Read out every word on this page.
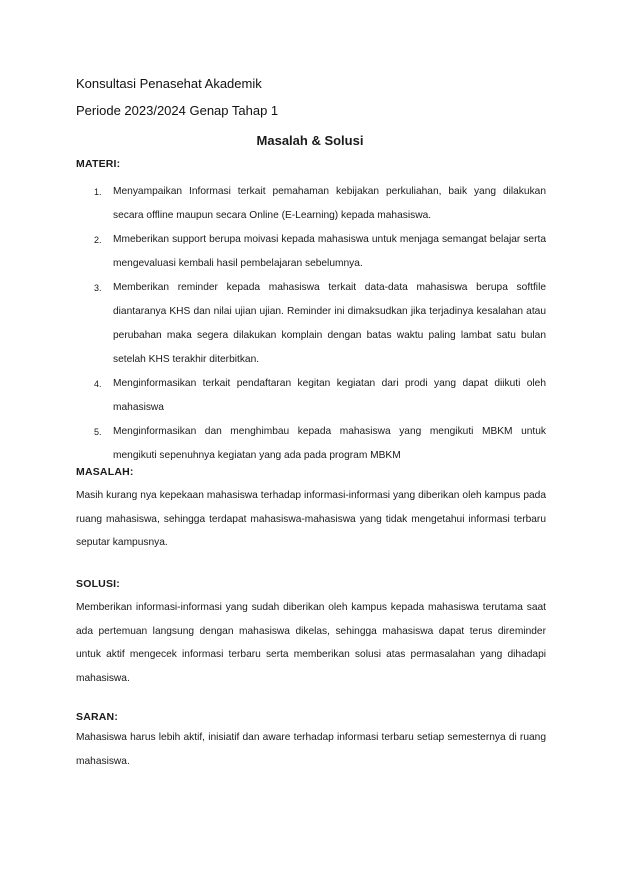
Konsultasi Penasehat Akademik
Periode 2023/2024 Genap Tahap 1
Masalah & Solusi
MATERI:
1. Menyampaikan Informasi terkait pemahaman kebijakan perkuliahan, baik yang dilakukan secara offline maupun secara Online (E-Learning) kepada mahasiswa.
2. Mmeberikan support berupa moivasi kepada mahasiswa untuk menjaga semangat belajar serta mengevaluasi kembali hasil pembelajaran sebelumnya.
3. Memberikan reminder kepada mahasiswa terkait data-data mahasiswa berupa softfile diantaranya KHS dan nilai ujian ujian. Reminder ini dimaksudkan jika terjadinya kesalahan atau perubahan maka segera dilakukan komplain dengan batas waktu paling lambat satu bulan setelah KHS terakhir diterbitkan.
4. Menginformasikan terkait pendaftaran kegitan kegiatan dari prodi yang dapat diikuti oleh mahasiswa
5. Menginformasikan dan menghimbau kepada mahasiswa yang mengikuti MBKM untuk mengikuti sepenuhnya kegiatan yang ada pada program MBKM
MASALAH:
Masih kurang nya kepekaan mahasiswa terhadap informasi-informasi yang diberikan oleh kampus pada ruang mahasiswa, sehingga terdapat mahasiswa-mahasiswa yang tidak mengetahui informasi terbaru seputar kampusnya.
SOLUSI:
Memberikan informasi-informasi yang sudah diberikan oleh kampus kepada mahasiswa terutama saat ada pertemuan langsung dengan mahasiswa dikelas, sehingga mahasiswa dapat terus direminder untuk aktif mengecek informasi terbaru serta memberikan solusi atas permasalahan yang dihadapi mahasiswa.
SARAN:
Mahasiswa harus lebih aktif, inisiatif dan aware terhadap informasi terbaru setiap semesternya di ruang mahasiswa.
